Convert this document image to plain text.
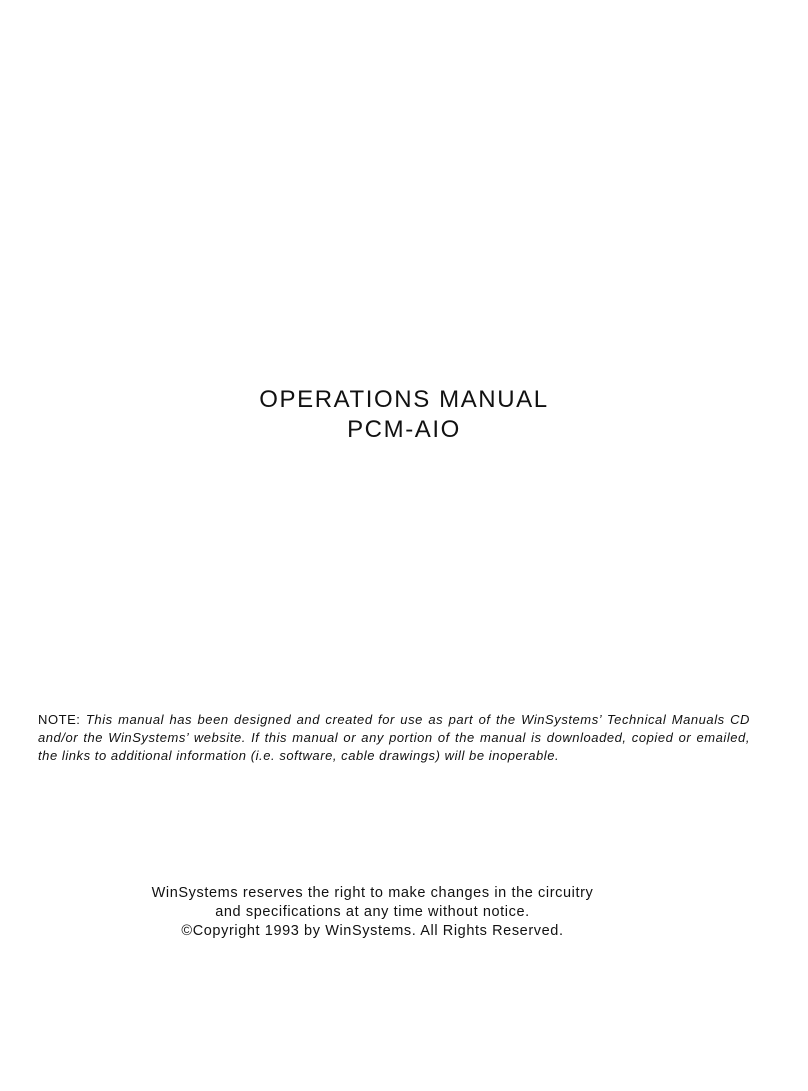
OPERATIONS MANUAL
PCM-AIO
NOTE: This manual has been designed and created for use as part of the WinSystems’ Technical Manuals CD and/or the WinSystems’ website. If this manual or any portion of the manual is downloaded, copied or emailed, the links to additional information (i.e. software, cable drawings) will be inoperable.
WinSystems reserves the right to make changes in the circuitry
and specifications at any time without notice.
©Copyright 1993 by WinSystems. All Rights Reserved.
